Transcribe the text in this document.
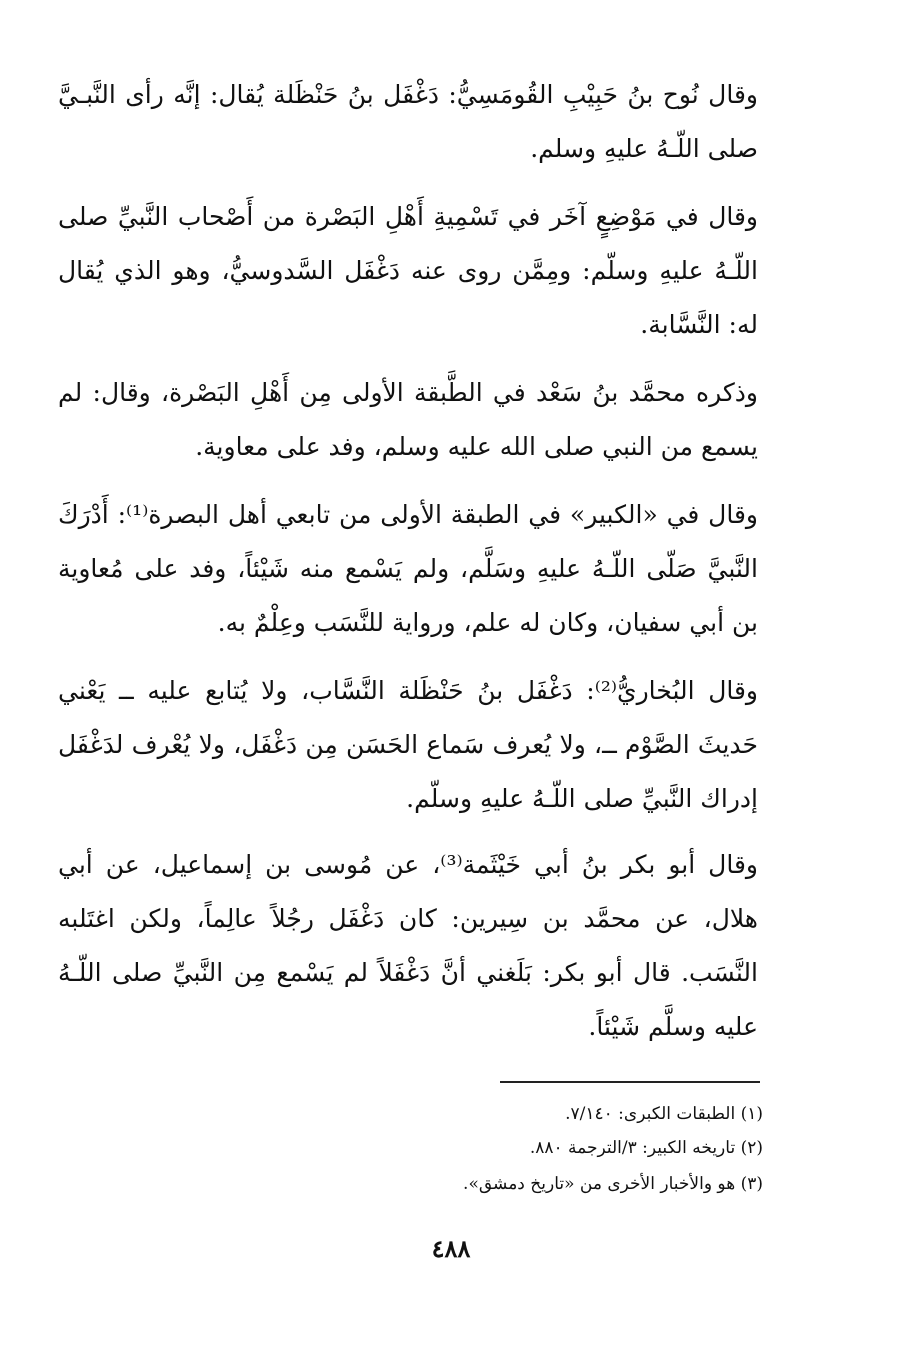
وقال نُوح بنُ حَبِيْبِ القُومَسِيُّ: دَغْفَل بنُ حَنْظَلة يُقال: إنَّه رأى النَّبـيَّ صلى اللّـهُ عليهِ وسلم.

وقال في مَوْضِعٍ آخَر في تَسْمِيةِ أَهْلِ البَصْرة من أَصْحاب النَّبيِّ صلى اللّـهُ عليهِ وسلّم: ومِمَّن روى عنه دَغْفَل السَّدوسيُّ، وهو الذي يُقال له: النَّسَّابة.

وذكره محمَّد بنُ سَعْد في الطَّبقة الأولى مِن أَهْلِ البَصْرة، وقال: لم يسمع من النبي صلى الله عليه وسلم، وفد على معاوية.

وقال في «الكبير» في الطبقة الأولى من تابعي أهل البصرة⁽¹⁾: أَدْرَكَ النَّبيَّ صَلّى اللّـهُ عليهِ وسَلَّم، ولم يَسْمع منه شَيْئاً، وفد على مُعاوية بن أبي سفيان، وكان له علم، ورواية للنَّسَب وعِلْمٌ به.

وقال البُخاريُّ⁽²⁾: دَغْفَل بنُ حَنْظَلة النَّسَّاب، ولا يُتابع عليه ــ يَعْني حَديثَ الصَّوْم ــ، ولا يُعرف سَماع الحَسَن مِن دَغْفَل، ولا يُعْرف لدَغْفَل إدراك النَّبيِّ صلى اللّـهُ عليهِ وسلّم.

وقال أبو بكر بنُ أبي خَيْثَمة⁽³⁾، عن مُوسى بن إسماعيل، عن أبي هلال، عن محمَّد بن سِيرين: كان دَغْفَل رجُلاً عالِماً، ولكن اغتَلبه النَّسَب. قال أبو بكر: بَلَغني أنَّ دَغْفَلاً لم يَسْمع مِن النَّبيِّ صلى اللّـهُ عليه وسلَّم شَيْئاً.

(١) الطبقات الكبرى: ٧/١٤٠.

(٢) تاريخه الكبير: ٣/الترجمة ٨٨٠.

(٣) هو والأخبار الأخرى من «تاريخ دمشق».

٤٨٨
